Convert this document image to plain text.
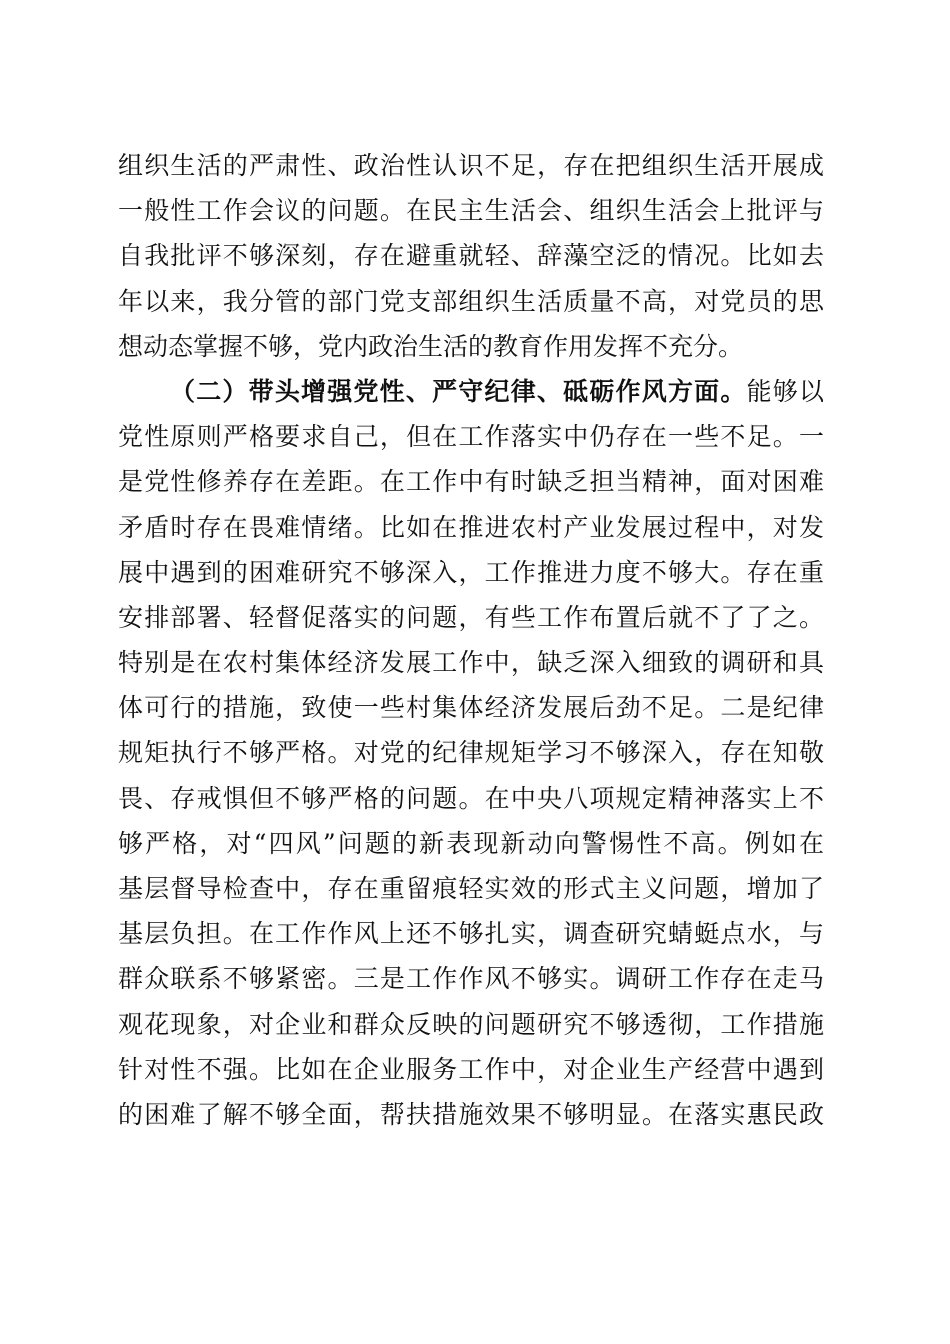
组织生活的严肃性、政治性认识不足，存在把组织生活开展成
一般性工作会议的问题。在民主生活会、组织生活会上批评与
自我批评不够深刻，存在避重就轻、辞藻空泛的情况。比如去
年以来，我分管的部门党支部组织生活质量不高，对党员的思
想动态掌握不够，党内政治生活的教育作用发挥不充分。
（二）带头增强党性、严守纪律、砥砺作风方面。能够以
党性原则严格要求自己，但在工作落实中仍存在一些不足。一
是党性修养存在差距。在工作中有时缺乏担当精神，面对困难
矛盾时存在畏难情绪。比如在推进农村产业发展过程中，对发
展中遇到的困难研究不够深入，工作推进力度不够大。存在重
安排部署、轻督促落实的问题，有些工作布置后就不了了之。
特别是在农村集体经济发展工作中，缺乏深入细致的调研和具
体可行的措施，致使一些村集体经济发展后劲不足。二是纪律
规矩执行不够严格。对党的纪律规矩学习不够深入，存在知敬
畏、存戒惧但不够严格的问题。在中央八项规定精神落实上不
够严格，对“四风”问题的新表现新动向警惕性不高。例如在
基层督导检查中，存在重留痕轻实效的形式主义问题，增加了
基层负担。在工作作风上还不够扎实，调查研究蜻蜓点水，与
群众联系不够紧密。三是工作作风不够实。调研工作存在走马
观花现象，对企业和群众反映的问题研究不够透彻，工作措施
针对性不强。比如在企业服务工作中，对企业生产经营中遇到
的困难了解不够全面，帮扶措施效果不够明显。在落实惠民政
